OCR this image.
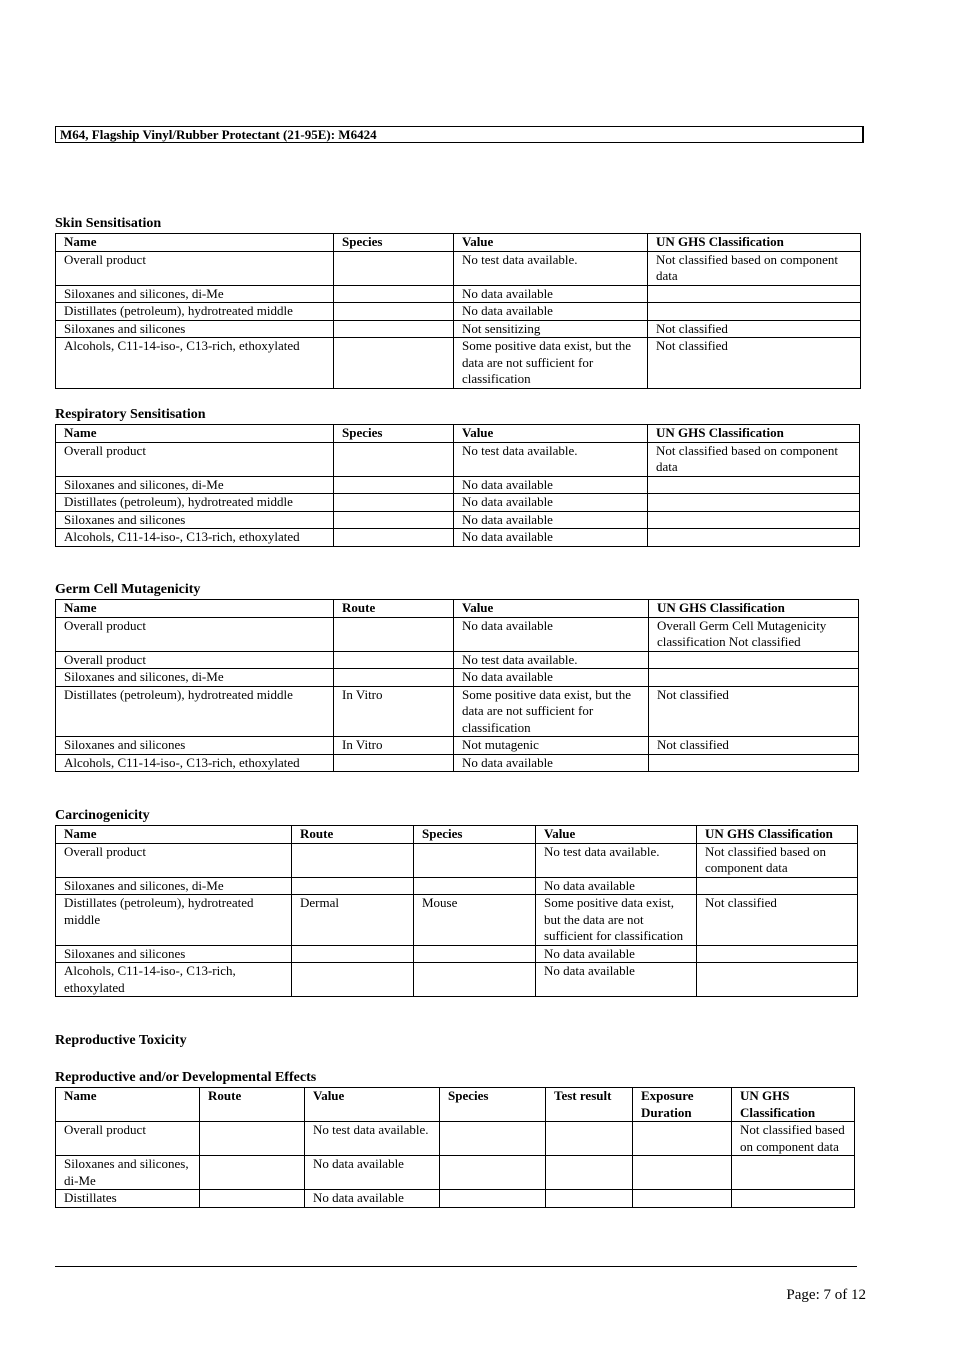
M64, Flagship Vinyl/Rubber Protectant (21-95E): M6424
Skin Sensitisation
Name	Species	Value	UN GHS Classification
Overall product		No test data available.	Not classified based on component data
Siloxanes and silicones, di-Me		No data available	
Distillates (petroleum), hydrotreated middle		No data available	
Siloxanes and silicones		Not sensitizing	Not classified
Alcohols, C11-14-iso-, C13-rich, ethoxylated		Some positive data exist, but the data are not sufficient for classification	Not classified
Respiratory Sensitisation
Name	Species	Value	UN GHS Classification
Overall product		No test data available.	Not classified based on component data
Siloxanes and silicones, di-Me		No data available	
Distillates (petroleum), hydrotreated middle		No data available	
Siloxanes and silicones		No data available	
Alcohols, C11-14-iso-, C13-rich, ethoxylated		No data available	
Germ Cell Mutagenicity
Name	Route	Value	UN GHS Classification
Overall product		No data available	Overall Germ Cell Mutagenicity classification Not classified
Overall product		No test data available.	
Siloxanes and silicones, di-Me		No data available	
Distillates (petroleum), hydrotreated middle	In Vitro	Some positive data exist, but the data are not sufficient for classification	Not classified
Siloxanes and silicones	In Vitro	Not mutagenic	Not classified
Alcohols, C11-14-iso-, C13-rich, ethoxylated		No data available	
Carcinogenicity
Name	Route	Species	Value	UN GHS Classification
Overall product			No test data available.	Not classified based on component data
Siloxanes and silicones, di-Me			No data available	
Distillates (petroleum), hydrotreated middle	Dermal	Mouse	Some positive data exist, but the data are not sufficient for classification	Not classified
Siloxanes and silicones			No data available	
Alcohols, C11-14-iso-, C13-rich, ethoxylated			No data available	
Reproductive Toxicity
Reproductive and/or Developmental Effects
Name	Route	Value	Species	Test result	Exposure Duration	UN GHS Classification
Overall product		No test data available.				Not classified based on component data
Siloxanes and silicones, di-Me		No data available				
Distillates		No data available				
Page: 7 of 12
